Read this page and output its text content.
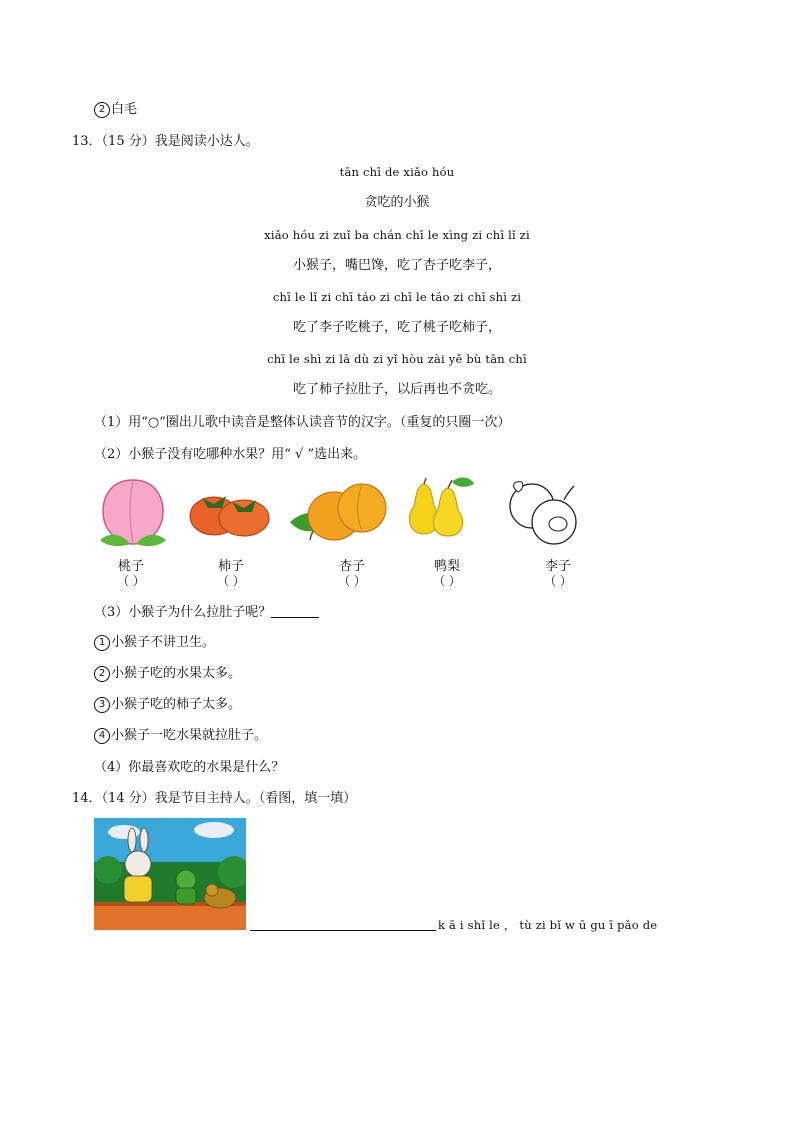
2 白毛
13．（15 分）我是阅读小达人。
tān chī de xiǎo hóu
贪吃的小猴
xiǎo hóu zi zuǐ ba chán chī le xìng zi chī lǐ zi
小猴子，嘴巴馋，吃了杏子吃李子，
chī le lǐ zi chī táo zi chī le táo zi chī shì zi
吃了李子吃桃子，吃了桃子吃柿子，
chī le shì zi lā dù zi yǐ hòu zài yě bù tān chī
吃了柿子拉肚子，以后再也不贪吃。
（1）用“○”圈出儿歌中读音是整体认读音节的汉字。（重复的只圈一次）
（2）小猴子没有吃哪种水果？用“ √ ”选出来。
桃子	柿子	杏子	鸭梨	李子
（ ）	（ ）	（ ）	（ ）	（ ）
（3）小猴子为什么拉肚子呢？
1 小猴子不讲卫生。
2 小猴子吃的水果太多。
3 小猴子吃的柿子太多。
4 小猴子一吃水果就拉肚子。
（4）你最喜欢吃的水果是什么？
14．（14 分）我是节目主持人。（看图，填一填）
k ā i shǐ le ， tù zi bǐ w ū gu ī pǎo de
